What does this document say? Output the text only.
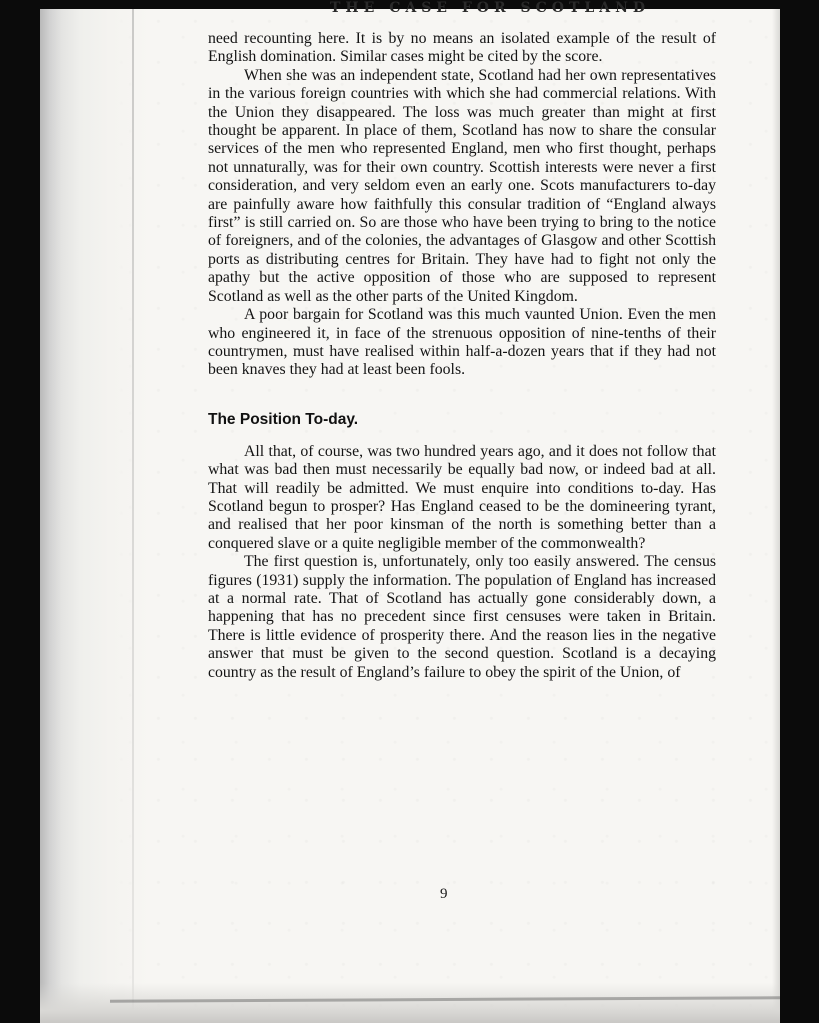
THE CASE FOR SCOTLAND

need recounting here. It is by no means an isolated example of the result of English domination. Similar cases might be cited by the score.

When she was an independent state, Scotland had her own representatives in the various foreign countries with which she had commercial relations. With the Union they disappeared. The loss was much greater than might at first thought be apparent. In place of them, Scotland has now to share the consular services of the men who represented England, men who first thought, perhaps not unnaturally, was for their own country. Scottish interests were never a first consideration, and very seldom even an early one. Scots manufacturers to-day are painfully aware how faithfully this consular tradition of “England always first” is still carried on. So are those who have been trying to bring to the notice of foreigners, and of the colonies, the advantages of Glasgow and other Scottish ports as distributing centres for Britain. They have had to fight not only the apathy but the active opposition of those who are supposed to represent Scotland as well as the other parts of the United Kingdom.

A poor bargain for Scotland was this much vaunted Union. Even the men who engineered it, in face of the strenuous opposition of nine-tenths of their countrymen, must have realised within half-a-dozen years that if they had not been knaves they had at least been fools.

The Position To-day.

All that, of course, was two hundred years ago, and it does not follow that what was bad then must necessarily be equally bad now, or indeed bad at all. That will readily be admitted. We must enquire into conditions to-day. Has Scotland begun to prosper? Has England ceased to be the domineering tyrant, and realised that her poor kinsman of the north is something better than a conquered slave or a quite negligible member of the commonwealth?

The first question is, unfortunately, only too easily answered. The census figures (1931) supply the information. The population of England has increased at a normal rate. That of Scotland has actually gone considerably down, a happening that has no precedent since first censuses were taken in Britain. There is little evidence of prosperity there. And the reason lies in the negative answer that must be given to the second question. Scotland is a decaying country as the result of England’s failure to obey the spirit of the Union, of

9
